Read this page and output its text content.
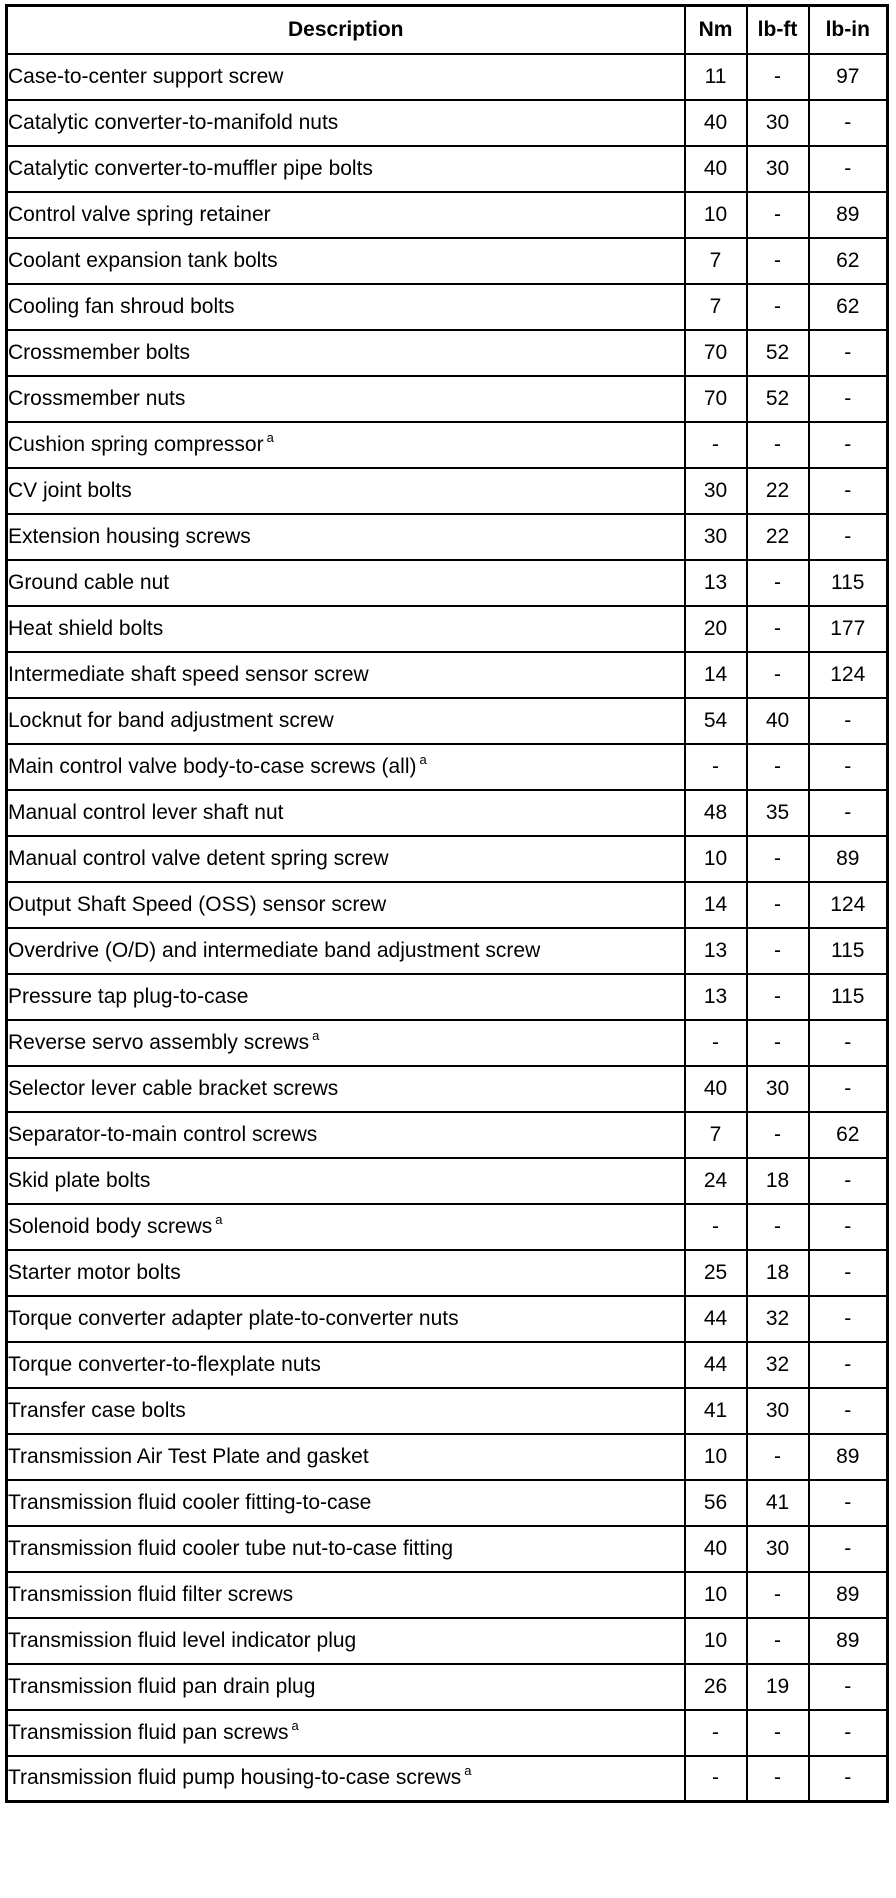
Description	Nm	lb-ft	lb-in
Case-to-center support screw	11	-	97
Catalytic converter-to-manifold nuts	40	30	-
Catalytic converter-to-muffler pipe bolts	40	30	-
Control valve spring retainer	10	-	89
Coolant expansion tank bolts	7	-	62
Cooling fan shroud bolts	7	-	62
Crossmember bolts	70	52	-
Crossmember nuts	70	52	-
Cushion spring compressor $^a$	-	-	-
CV joint bolts	30	22	-
Extension housing screws	30	22	-
Ground cable nut	13	-	115
Heat shield bolts	20	-	177
Intermediate shaft speed sensor screw	14	-	124
Locknut for band adjustment screw	54	40	-
Main control valve body-to-case screws (all) $^a$	-	-	-
Manual control lever shaft nut	48	35	-
Manual control valve detent spring screw	10	-	89
Output Shaft Speed (OSS) sensor screw	14	-	124
Overdrive (O/D) and intermediate band adjustment screw	13	-	115
Pressure tap plug-to-case	13	-	115
Reverse servo assembly screws $^a$	-	-	-
Selector lever cable bracket screws	40	30	-
Separator-to-main control screws	7	-	62
Skid plate bolts	24	18	-
Solenoid body screws $^a$	-	-	-
Starter motor bolts	25	18	-
Torque converter adapter plate-to-converter nuts	44	32	-
Torque converter-to-flexplate nuts	44	32	-
Transfer case bolts	41	30	-
Transmission Air Test Plate and gasket	10	-	89
Transmission fluid cooler fitting-to-case	56	41	-
Transmission fluid cooler tube nut-to-case fitting	40	30	-
Transmission fluid filter screws	10	-	89
Transmission fluid level indicator plug	10	-	89
Transmission fluid pan drain plug	26	19	-
Transmission fluid pan screws $^a$	-	-	-
Transmission fluid pump housing-to-case screws $^a$	-	-	-
